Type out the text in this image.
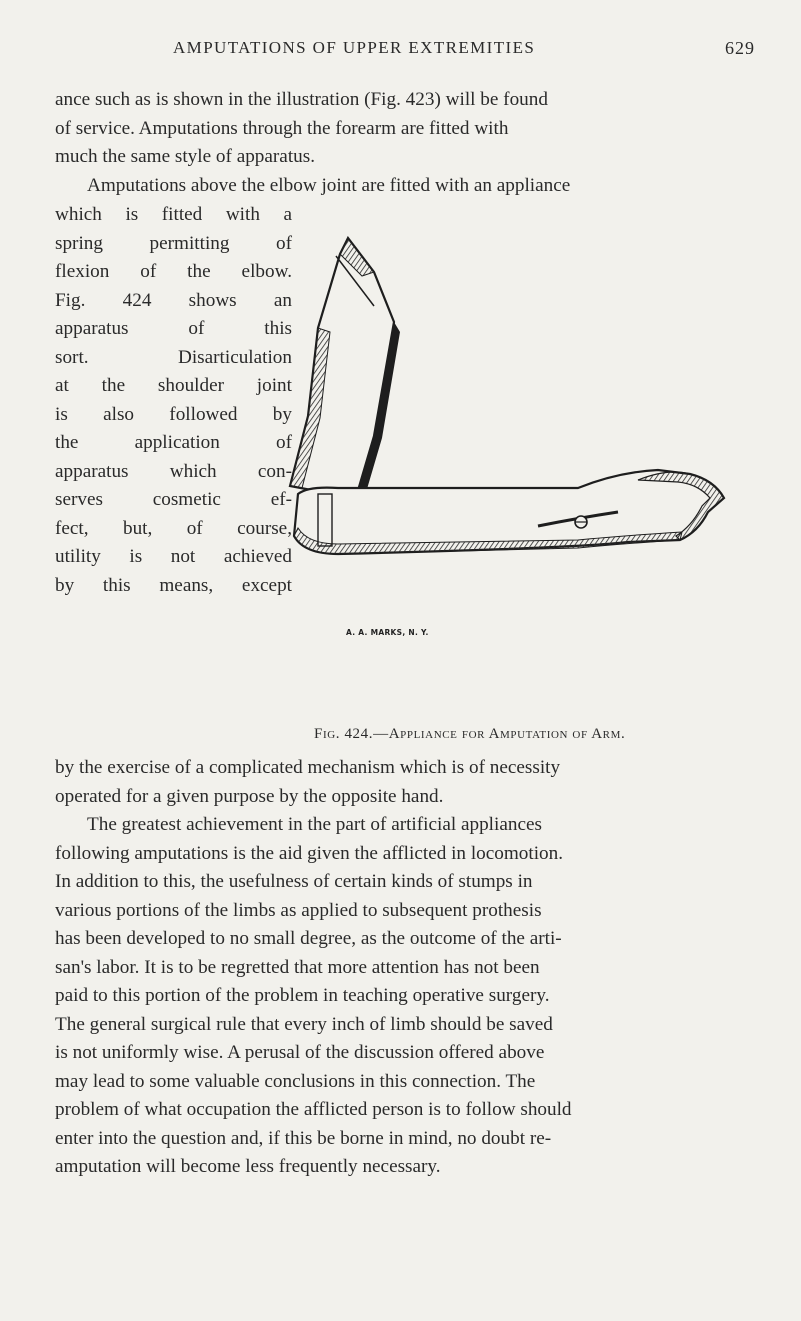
AMPUTATIONS OF UPPER EXTREMITIES	629
ance such as is shown in the illustration (Fig. 423) will be found
of service. Amputations through the forearm are fitted with
much the same style of apparatus.
Amputations above the elbow joint are fitted with an appliance
which is fitted with a
spring permitting of
flexion of the elbow.
Fig. 424 shows an
apparatus of this
sort. Disarticulation
at the shoulder joint
is also followed by
the application of
apparatus which con-
serves cosmetic ef-
fect, but, of course,
utility is not achieved
by this means, except
A. A. MARKS, N. Y.
Fig. 424.—Appliance for Amputation of Arm.
by the exercise of a complicated mechanism which is of necessity
operated for a given purpose by the opposite hand.
The greatest achievement in the part of artificial appliances
following amputations is the aid given the afflicted in locomotion.
In addition to this, the usefulness of certain kinds of stumps in
various portions of the limbs as applied to subsequent prothesis
has been developed to no small degree, as the outcome of the arti-
san's labor. It is to be regretted that more attention has not been
paid to this portion of the problem in teaching operative surgery.
The general surgical rule that every inch of limb should be saved
is not uniformly wise. A perusal of the discussion offered above
may lead to some valuable conclusions in this connection. The
problem of what occupation the afflicted person is to follow should
enter into the question and, if this be borne in mind, no doubt re-
amputation will become less frequently necessary.
